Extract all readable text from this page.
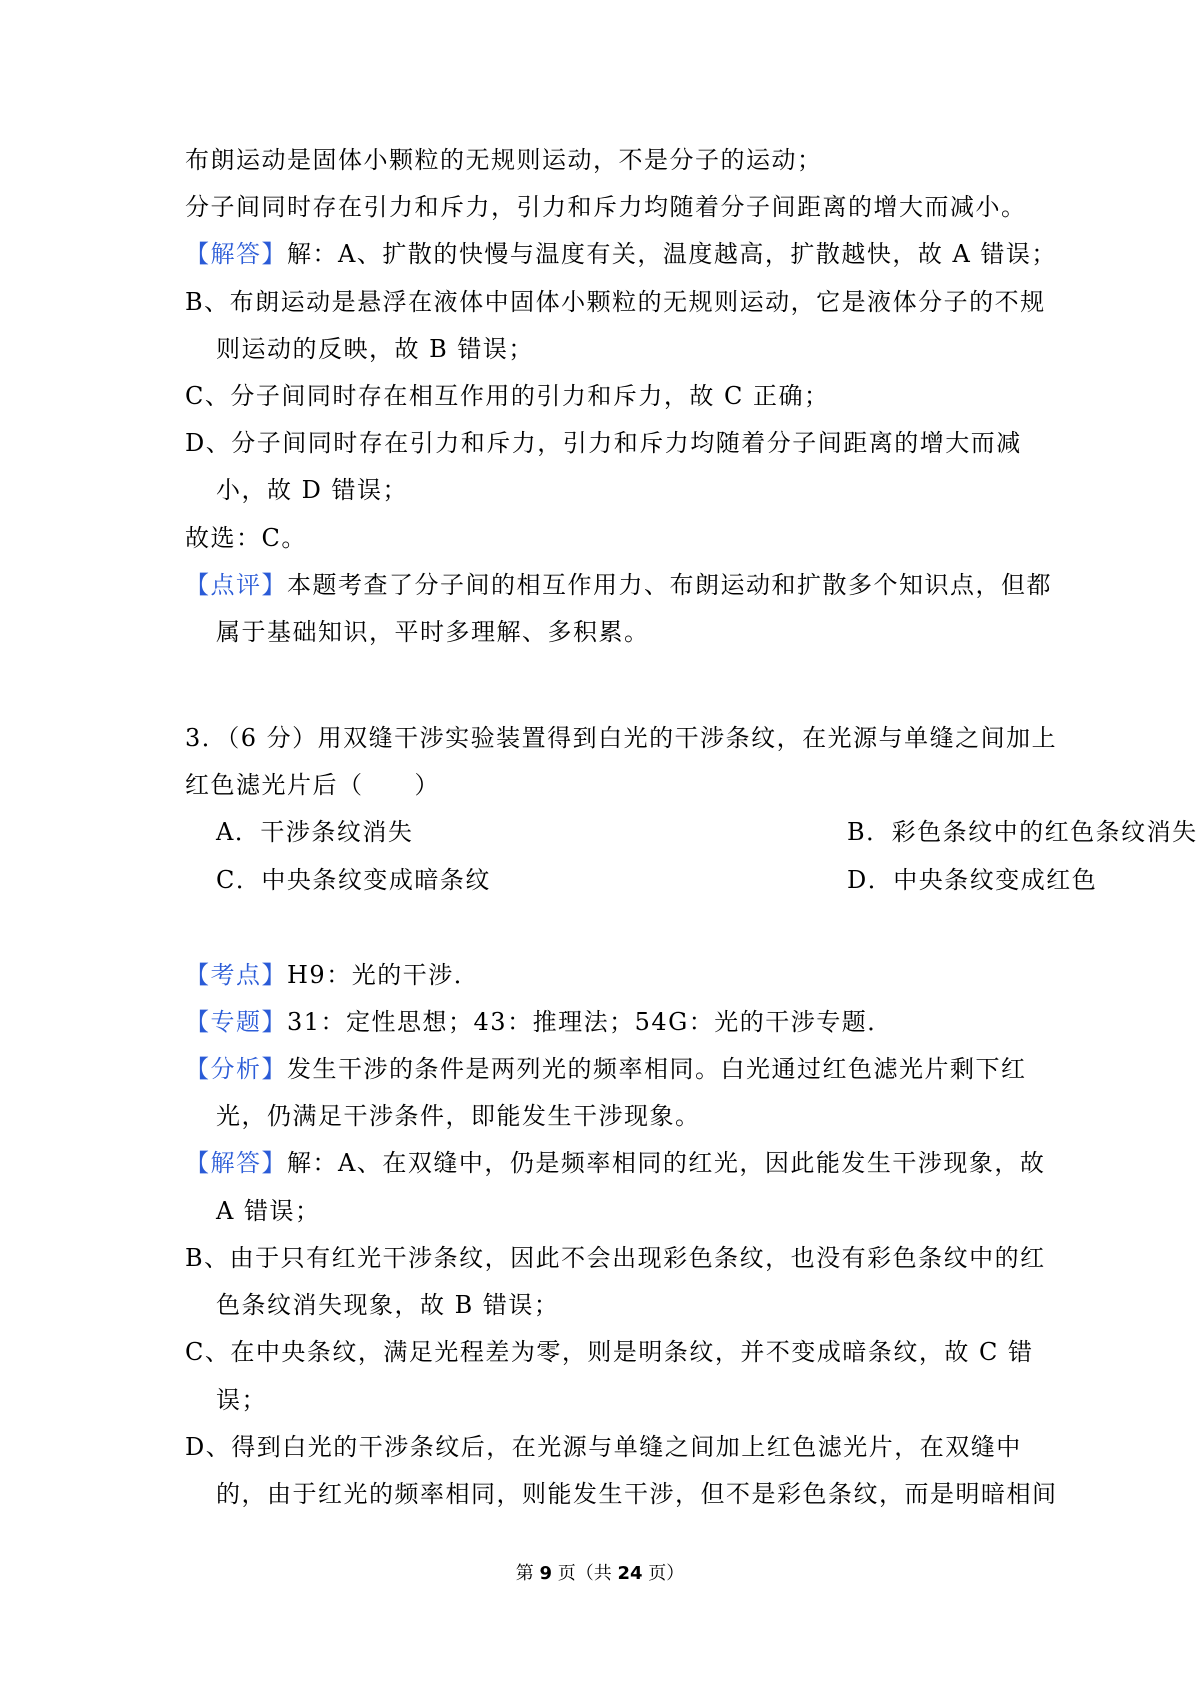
布朗运动是固体小颗粒的无规则运动，不是分子的运动；
分子间同时存在引力和斥力，引力和斥力均随着分子间距离的增大而减小。
【解答】解：A、扩散的快慢与温度有关，温度越高，扩散越快，故 A 错误；
B、布朗运动是悬浮在液体中固体小颗粒的无规则运动，它是液体分子的不规
则运动的反映，故 B 错误；
C、分子间同时存在相互作用的引力和斥力，故 C 正确；
D、分子间同时存在引力和斥力，引力和斥力均随着分子间距离的增大而减
小，故 D 错误；
故选：C。
【点评】本题考查了分子间的相互作用力、布朗运动和扩散多个知识点，但都
属于基础知识，平时多理解、多积累。
3．（6 分）用双缝干涉实验装置得到白光的干涉条纹，在光源与单缝之间加上
红色滤光片后（　　）
A．干涉条纹消失	B．彩色条纹中的红色条纹消失
C．中央条纹变成暗条纹	D．中央条纹变成红色
【考点】H9：光的干涉．
【专题】31：定性思想；43：推理法；54G：光的干涉专题．
【分析】发生干涉的条件是两列光的频率相同。白光通过红色滤光片剩下红
光，仍满足干涉条件，即能发生干涉现象。
【解答】解：A、在双缝中，仍是频率相同的红光，因此能发生干涉现象，故
A 错误；
B、由于只有红光干涉条纹，因此不会出现彩色条纹，也没有彩色条纹中的红
色条纹消失现象，故 B 错误；
C、在中央条纹，满足光程差为零，则是明条纹，并不变成暗条纹，故 C 错
误；
D、得到白光的干涉条纹后，在光源与单缝之间加上红色滤光片，在双缝中
的，由于红光的频率相同，则能发生干涉，但不是彩色条纹，而是明暗相间
第 9 页（共 24 页）
